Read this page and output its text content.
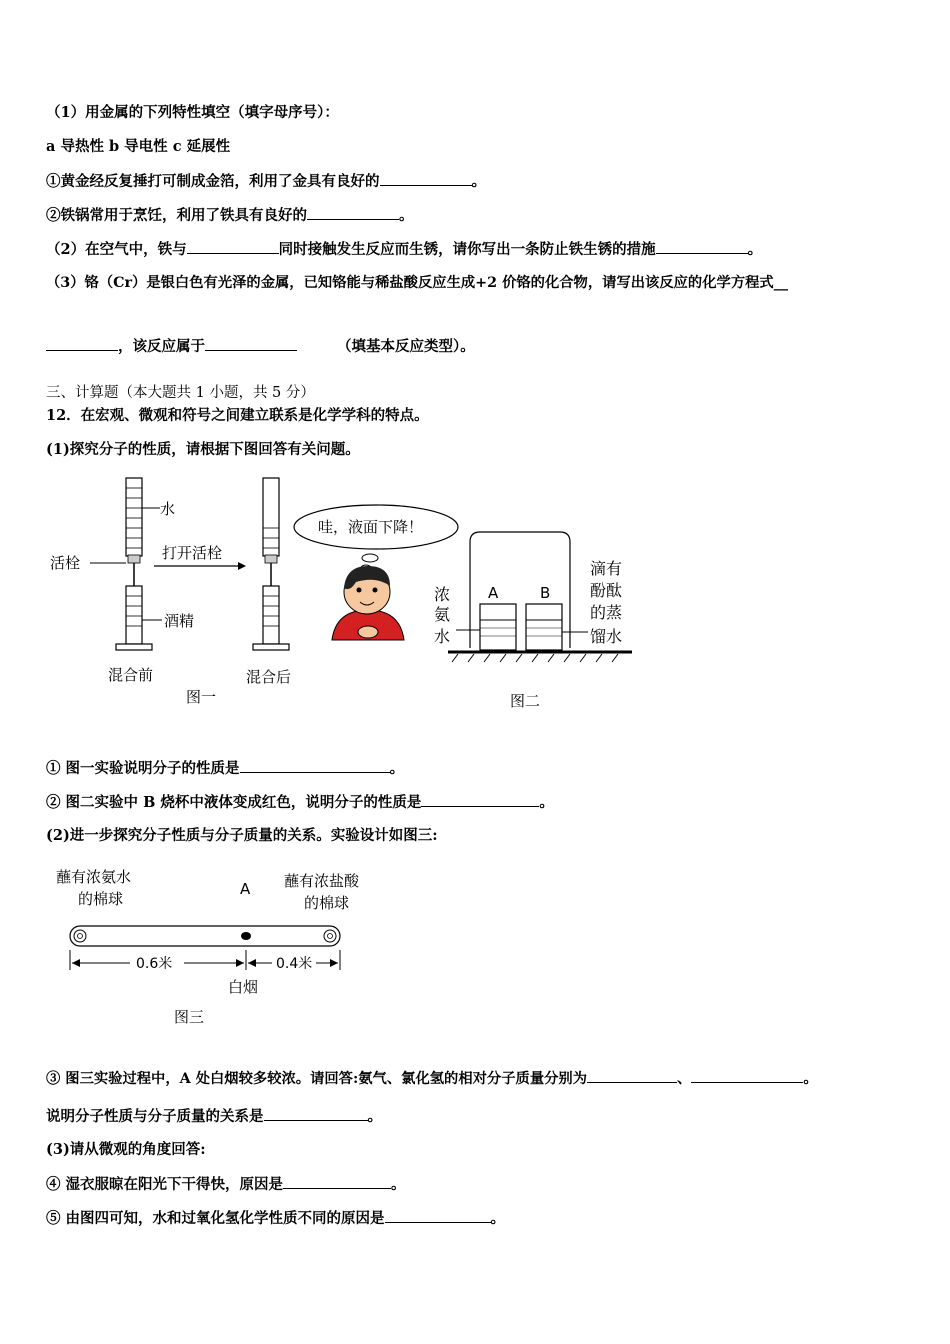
（1）用金属的下列特性填空（填字母序号）：
a 导热性 b 导电性 c 延展性
①黄金经反复捶打可制成金箔，利用了金具有良好的	。
②铁锅常用于烹饪，利用了铁具有良好的	。
（2）在空气中，铁与	同时接触发生反应而生锈，请你写出一条防止铁生锈的措施	。
（3）铬（Cr）是银白色有光泽的金属，已知铬能与稀盐酸反应生成+2 价铬的化合物，请写出该反应的化学方程式__
，该反应属于	（填基本反应类型）。
三、计算题（本大题共 1 小题，共 5 分）
12．在宏观、微观和符号之间建立联系是化学学科的特点。
(1)探究分子的性质，请根据下图回答有关问题。
水
活栓
酒精
混合前
打开活栓
混合后
图一
哇，液面下降！
A	B
浓
氨
水
滴有
酚酞
的蒸
馏水
图二
① 图一实验说明分子的性质是	。
② 图二实验中 B 烧杯中液体变成红色，说明分子的性质是	。
(2)进一步探究分子性质与分子质量的关系。实验设计如图三:
蘸有浓氨水
的棉球
A 蘸有浓盐酸
的棉球
0.6米	0.4米
白烟
图三
③ 图三实验过程中，A 处白烟较多较浓。请回答:氨气、氯化氢的相对分子质量分别为	、	。
说明分子性质与分子质量的关系是	。
(3)请从微观的角度回答:
④ 湿衣服晾在阳光下干得快，原因是	。
⑤ 由图四可知，水和过氧化氢化学性质不同的原因是	。
